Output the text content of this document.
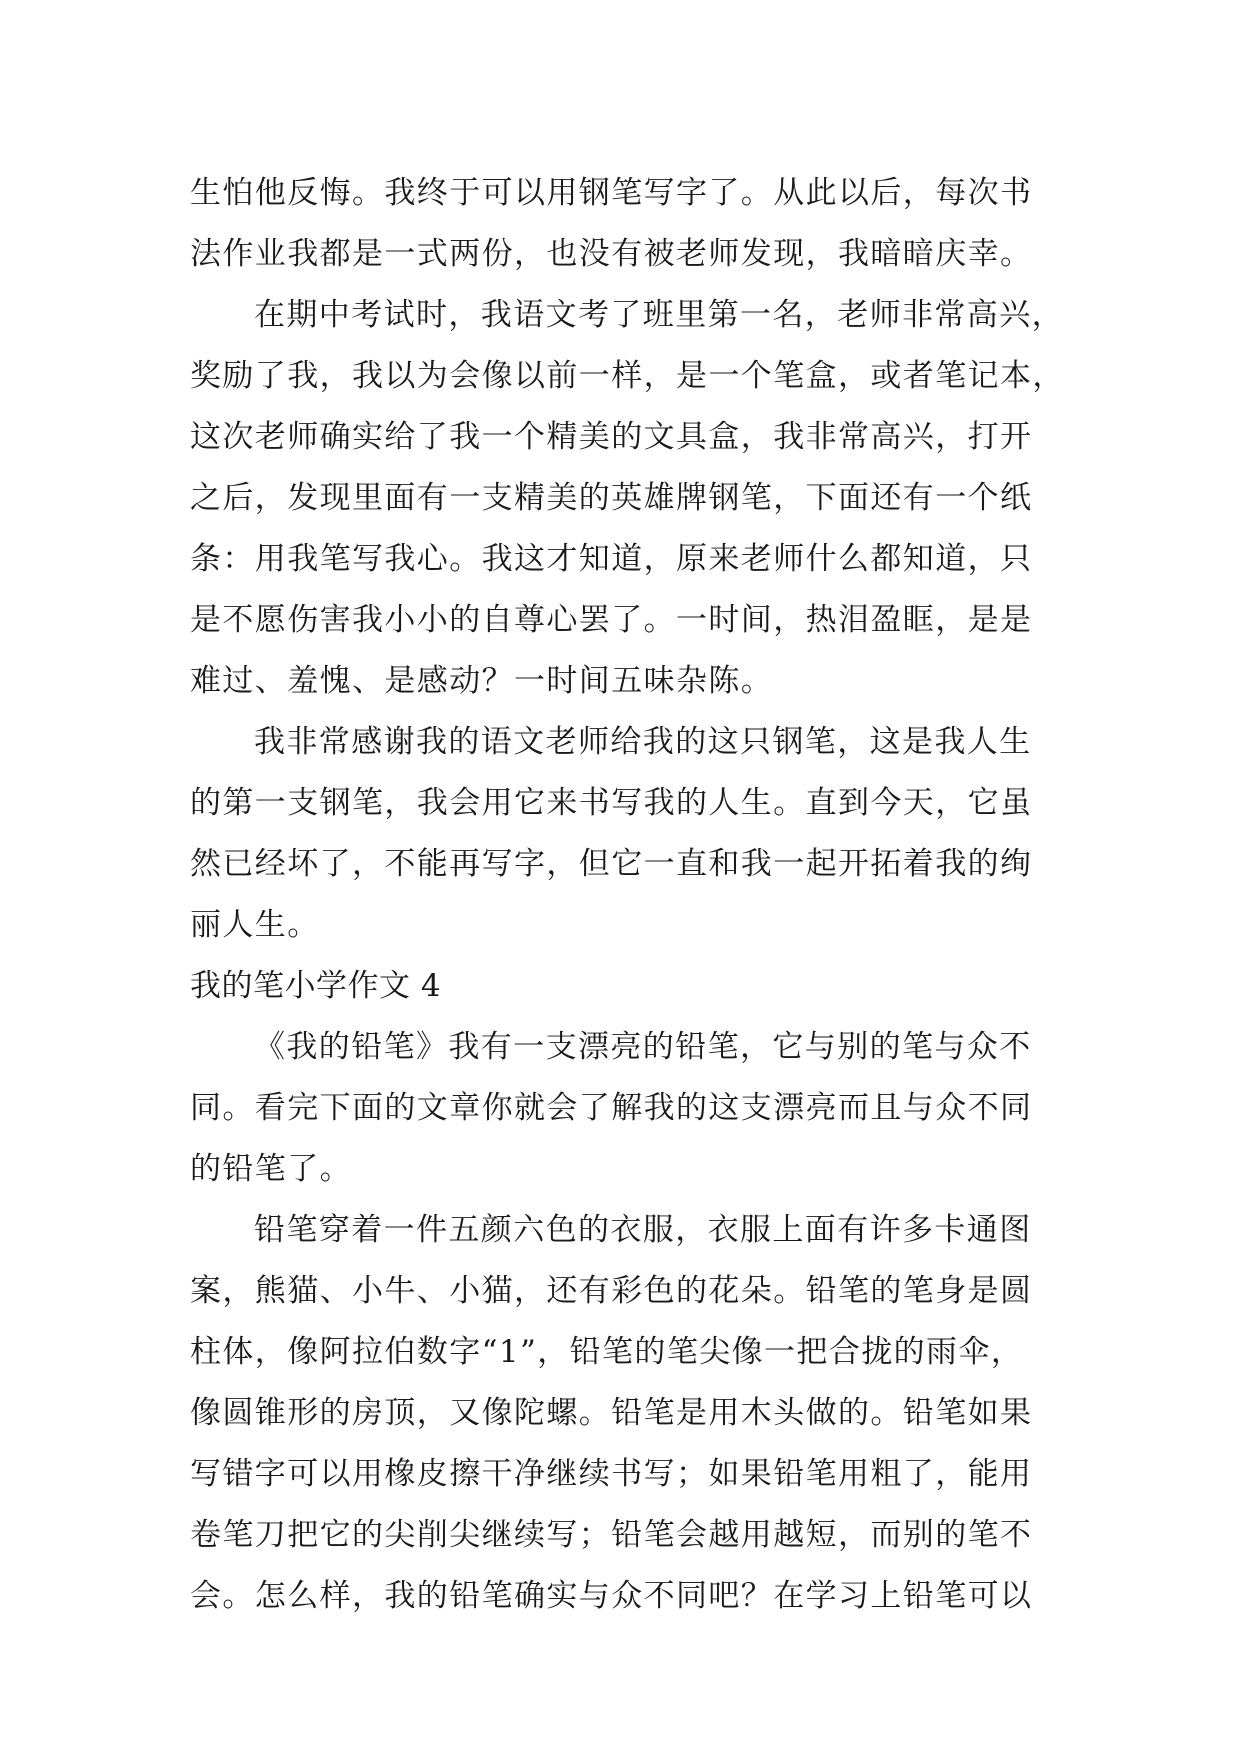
生怕他反悔。我终于可以用钢笔写字了。从此以后，每次书
法作业我都是一式两份，也没有被老师发现，我暗暗庆幸。
在期中考试时，我语文考了班里第一名，老师非常高兴，
奖励了我，我以为会像以前一样，是一个笔盒，或者笔记本，
这次老师确实给了我一个精美的文具盒，我非常高兴，打开
之后，发现里面有一支精美的英雄牌钢笔，下面还有一个纸
条：用我笔写我心。我这才知道，原来老师什么都知道，只
是不愿伤害我小小的自尊心罢了。一时间，热泪盈眶，是是
难过、羞愧、是感动？一时间五味杂陈。
我非常感谢我的语文老师给我的这只钢笔，这是我人生
的第一支钢笔，我会用它来书写我的人生。直到今天，它虽
然已经坏了，不能再写字，但它一直和我一起开拓着我的绚
丽人生。
我的笔小学作文 4
《我的铅笔》我有一支漂亮的铅笔，它与别的笔与众不
同。看完下面的文章你就会了解我的这支漂亮而且与众不同
的铅笔了。
铅笔穿着一件五颜六色的衣服，衣服上面有许多卡通图
案，熊猫、小牛、小猫，还有彩色的花朵。铅笔的笔身是圆
柱体，像阿拉伯数字“1”，铅笔的笔尖像一把合拢的雨伞，
像圆锥形的房顶，又像陀螺。铅笔是用木头做的。铅笔如果
写错字可以用橡皮擦干净继续书写；如果铅笔用粗了，能用
卷笔刀把它的尖削尖继续写；铅笔会越用越短，而别的笔不
会。怎么样，我的铅笔确实与众不同吧？在学习上铅笔可以
